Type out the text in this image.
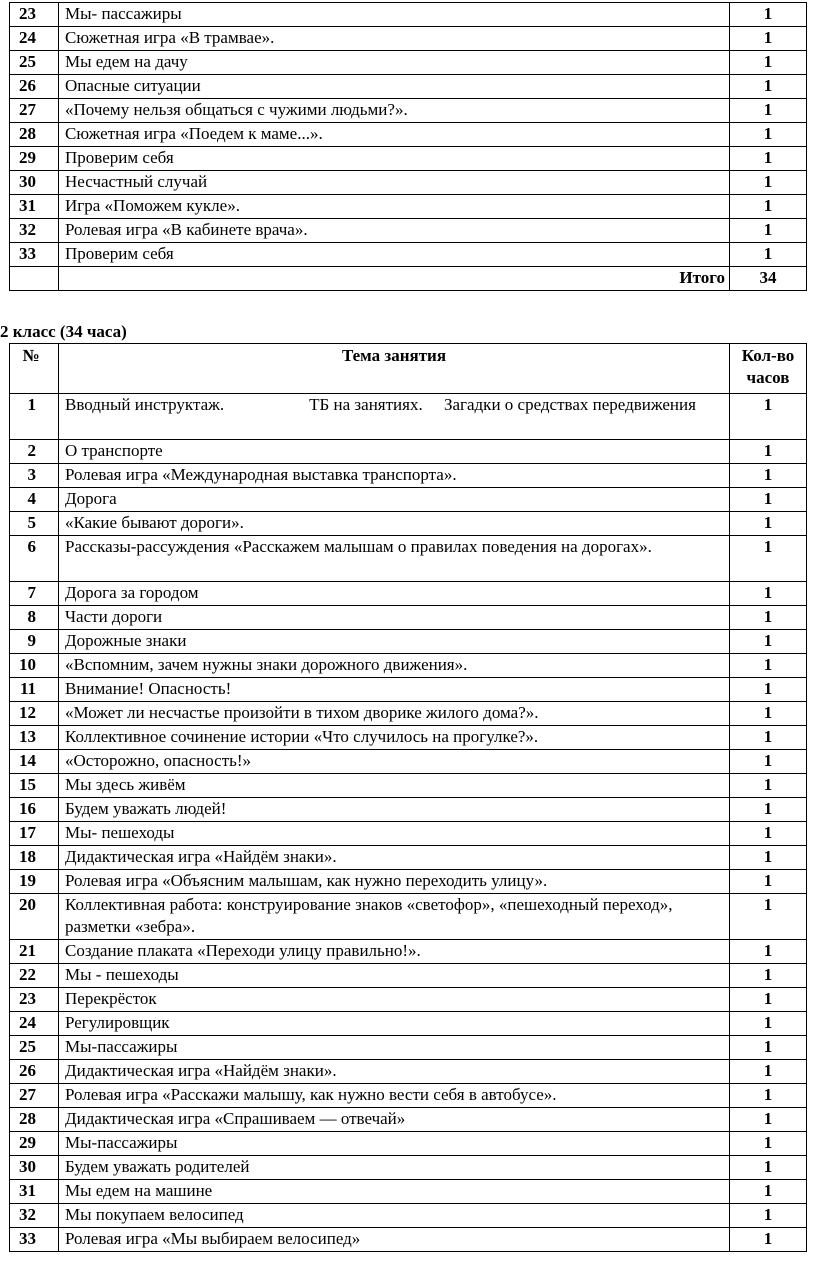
23	Мы- пассажиры	1
24	Сюжетная игра «В трамвае».	1
25	Мы едем на дачу	1
26	Опасные ситуации	1
27	«Почему нельзя общаться с чужими людьми?».	1
28	Сюжетная игра «Поедем к маме...».	1
29	Проверим себя	1
30	Несчастный случай	1
31	Игра «Поможем кукле».	1
32	Ролевая игра «В кабинете врача».	1
33	Проверим себя	1
	Итого	34
2 класс (34 часа)
№	Тема занятия	Кол-во часов
1	Вводный инструктаж.                    ТБ на занятиях.     Загадки о средствах передвижения	1
2	О транспорте	1
3	Ролевая игра «Международная выставка транспорта».	1
4	Дорога	1
5	«Какие бывают дороги».	1
6	Рассказы-рассуждения «Расскажем малышам о правилах поведения на дорогах».	1
7	Дорога за городом	1
8	Части дороги	1
9	Дорожные знаки	1
10	«Вспомним, зачем нужны знаки дорожного движения».	1
11	Внимание! Опасность!	1
12	«Может ли несчастье произойти в тихом дворике жилого дома?».	1
13	Коллективное сочинение истории «Что случилось на прогулке?».	1
14	«Осторожно, опасность!»	1
15	Мы здесь живём	1
16	Будем уважать людей!	1
17	Мы- пешеходы	1
18	Дидактическая игра «Найдём знаки».	1
19	Ролевая игра «Объясним малышам, как нужно переходить улицу».	1
20	Коллективная работа: конструирование знаков «светофор», «пешеходный переход», разметки «зебра».	1
21	Создание плаката «Переходи улицу правильно!».	1
22	Мы - пешеходы	1
23	Перекрёсток	1
24	Регулировщик	1
25	Мы-пассажиры	1
26	Дидактическая игра «Найдём знаки».	1
27	Ролевая игра «Расскажи малышу, как нужно вести себя в автобусе».	1
28	Дидактическая игра «Спрашиваем — отвечай»	1
29	Мы-пассажиры	1
30	Будем уважать родителей	1
31	Мы едем на машине	1
32	Мы покупаем велосипед	1
33	Ролевая игра «Мы выбираем велосипед»	1
